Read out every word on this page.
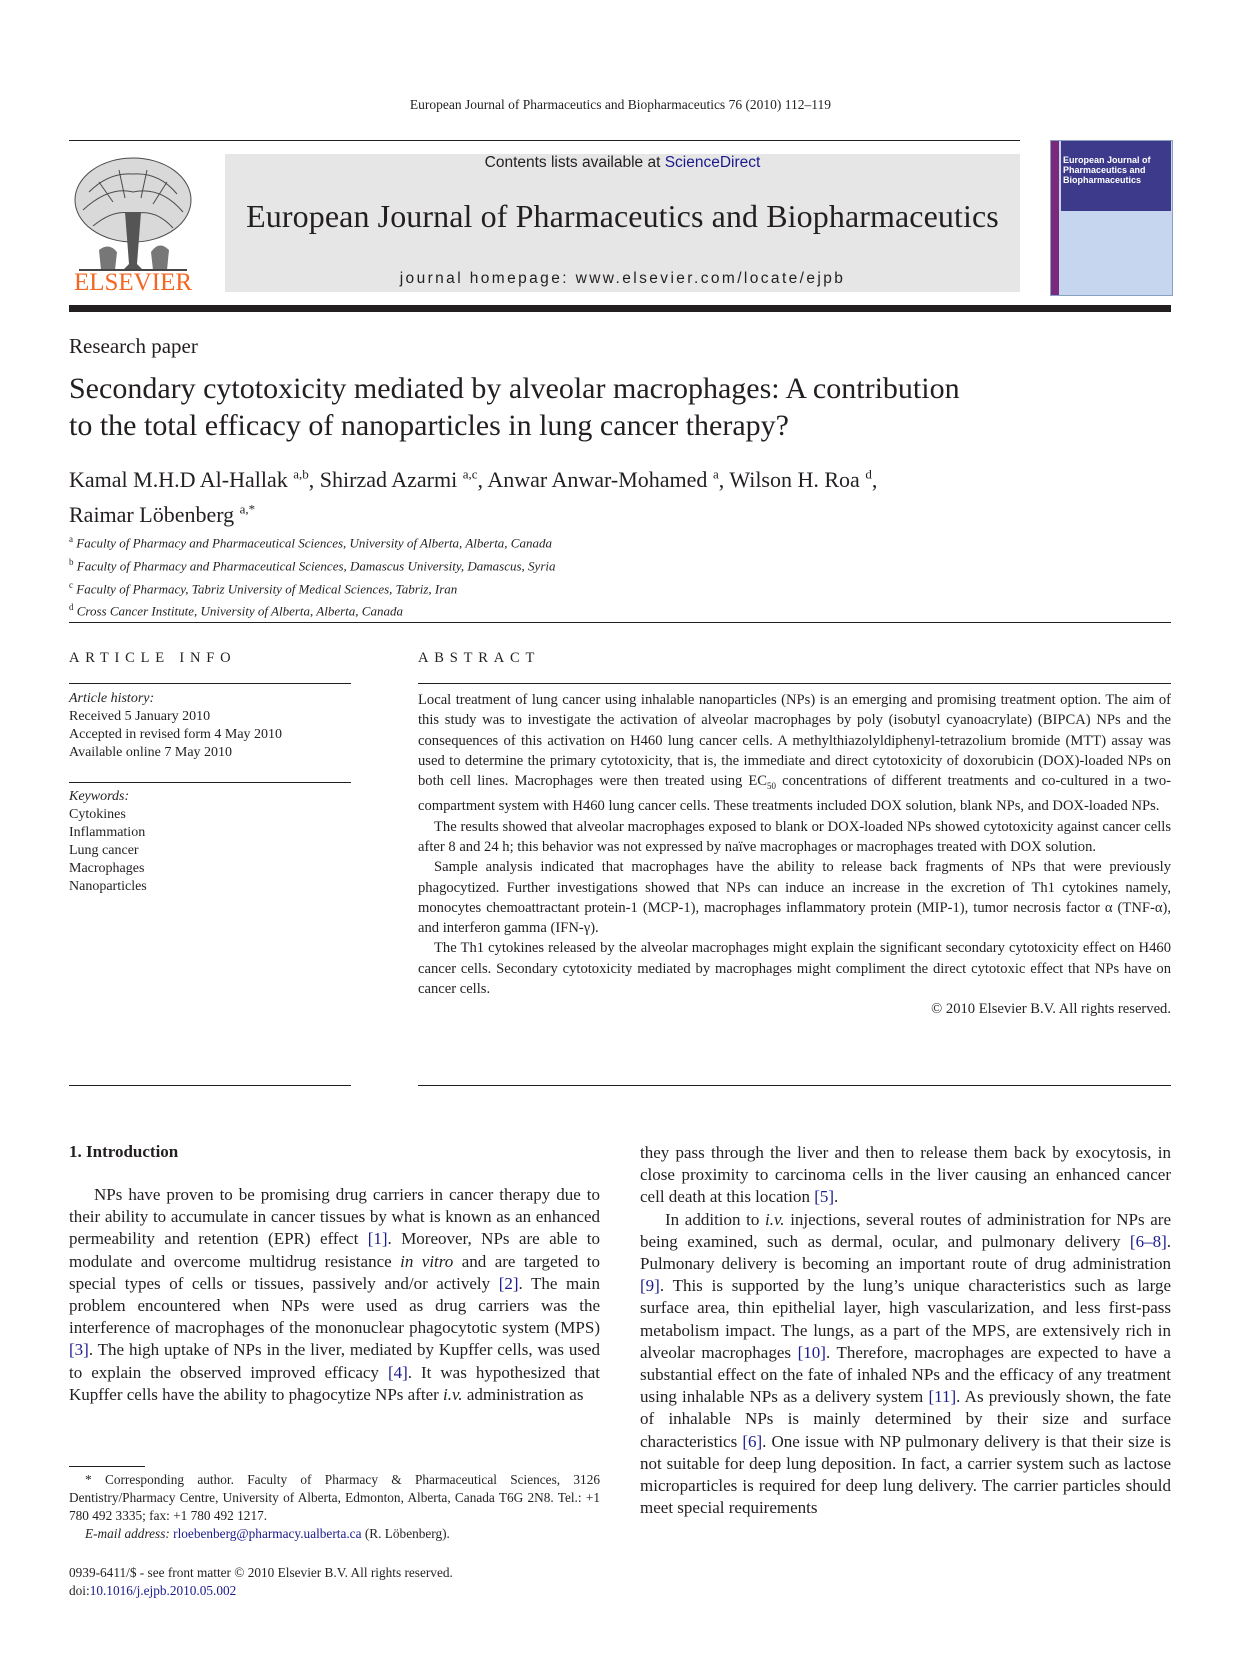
European Journal of Pharmaceutics and Biopharmaceutics 76 (2010) 112–119
ELSEVIER
Contents lists available at ScienceDirect
European Journal of Pharmaceutics and Biopharmaceutics
journal homepage: www.elsevier.com/locate/ejpb
European Journal of Pharmaceutics and Biopharmaceutics
Research paper
Secondary cytotoxicity mediated by alveolar macrophages: A contribution
to the total efficacy of nanoparticles in lung cancer therapy?
Kamal M.H.D Al-Hallak $^{a,b}$, Shirzad Azarmi $^{a,c}$, Anwar Anwar-Mohamed $^a$, Wilson H. Roa $^d$,
Raimar Löbenberg $^{a,*}$
$^a$ Faculty of Pharmacy and Pharmaceutical Sciences, University of Alberta, Alberta, Canada
$^b$ Faculty of Pharmacy and Pharmaceutical Sciences, Damascus University, Damascus, Syria
$^c$ Faculty of Pharmacy, Tabriz University of Medical Sciences, Tabriz, Iran
$^d$ Cross Cancer Institute, University of Alberta, Alberta, Canada
ARTICLE INFO	ABSTRACT
Article history:
Received 5 January 2010
Accepted in revised form 4 May 2010
Available online 7 May 2010
Keywords:
Cytokines
Inflammation
Lung cancer
Macrophages
Nanoparticles

Local treatment of lung cancer using inhalable nanoparticles (NPs) is an emerging and promising treatment option. The aim of this study was to investigate the activation of alveolar macrophages by poly (isobutyl cyanoacrylate) (BIPCA) NPs and the consequences of this activation on H460 lung cancer cells. A methylthiazolyldiphenyl-tetrazolium bromide (MTT) assay was used to determine the primary cytotoxicity, that is, the immediate and direct cytotoxicity of doxorubicin (DOX)-loaded NPs on both cell lines. Macrophages were then treated using $EC_{50}$ concentrations of different treatments and co-cultured in a two-compartment system with H460 lung cancer cells. These treatments included DOX solution, blank NPs, and DOX-loaded NPs.

The results showed that alveolar macrophages exposed to blank or DOX-loaded NPs showed cytotoxicity against cancer cells after 8 and 24 h; this behavior was not expressed by naïve macrophages or macrophages treated with DOX solution.

Sample analysis indicated that macrophages have the ability to release back fragments of NPs that were previously phagocytized. Further investigations showed that NPs can induce an increase in the excretion of Th1 cytokines namely, monocytes chemoattractant protein-1 (MCP-1), macrophages inflammatory protein (MIP-1), tumor necrosis factor α (TNF-α), and interferon gamma (IFN-γ).

The Th1 cytokines released by the alveolar macrophages might explain the significant secondary cytotoxicity effect on H460 cancer cells. Secondary cytotoxicity mediated by macrophages might compliment the direct cytotoxic effect that NPs have on cancer cells.

© 2010 Elsevier B.V. All rights reserved.

1. Introduction

NPs have proven to be promising drug carriers in cancer therapy due to their ability to accumulate in cancer tissues by what is known as an enhanced permeability and retention (EPR) effect [1]. Moreover, NPs are able to modulate and overcome multidrug resistance in vitro and are targeted to special types of cells or tissues, passively and/or actively [2]. The main problem encountered when NPs were used as drug carriers was the interference of macrophages of the mononuclear phagocytotic system (MPS) [3]. The high uptake of NPs in the liver, mediated by Kupffer cells, was used to explain the observed improved efficacy [4]. It was hypothesized that Kupffer cells have the ability to phagocytize NPs after i.v. administration as

they pass through the liver and then to release them back by exocytosis, in close proximity to carcinoma cells in the liver causing an enhanced cancer cell death at this location [5].

In addition to i.v. injections, several routes of administration for NPs are being examined, such as dermal, ocular, and pulmonary delivery [6–8]. Pulmonary delivery is becoming an important route of drug administration [9]. This is supported by the lung’s unique characteristics such as large surface area, thin epithelial layer, high vascularization, and less first-pass metabolism impact. The lungs, as a part of the MPS, are extensively rich in alveolar macrophages [10]. Therefore, macrophages are expected to have a substantial effect on the fate of inhaled NPs and the efficacy of any treatment using inhalable NPs as a delivery system [11]. As previously shown, the fate of inhalable NPs is mainly determined by their size and surface characteristics [6]. One issue with NP pulmonary delivery is that their size is not suitable for deep lung deposition. In fact, a carrier system such as lactose microparticles is required for deep lung delivery. The carrier particles should meet special requirements

* Corresponding author. Faculty of Pharmacy & Pharmaceutical Sciences, 3126 Dentistry/Pharmacy Centre, University of Alberta, Edmonton, Alberta, Canada T6G 2N8. Tel.: +1 780 492 3335; fax: +1 780 492 1217.

E-mail address: rloebenberg@pharmacy.ualberta.ca (R. Löbenberg).

0939-6411/$ - see front matter © 2010 Elsevier B.V. All rights reserved.
doi:10.1016/j.ejpb.2010.05.002
